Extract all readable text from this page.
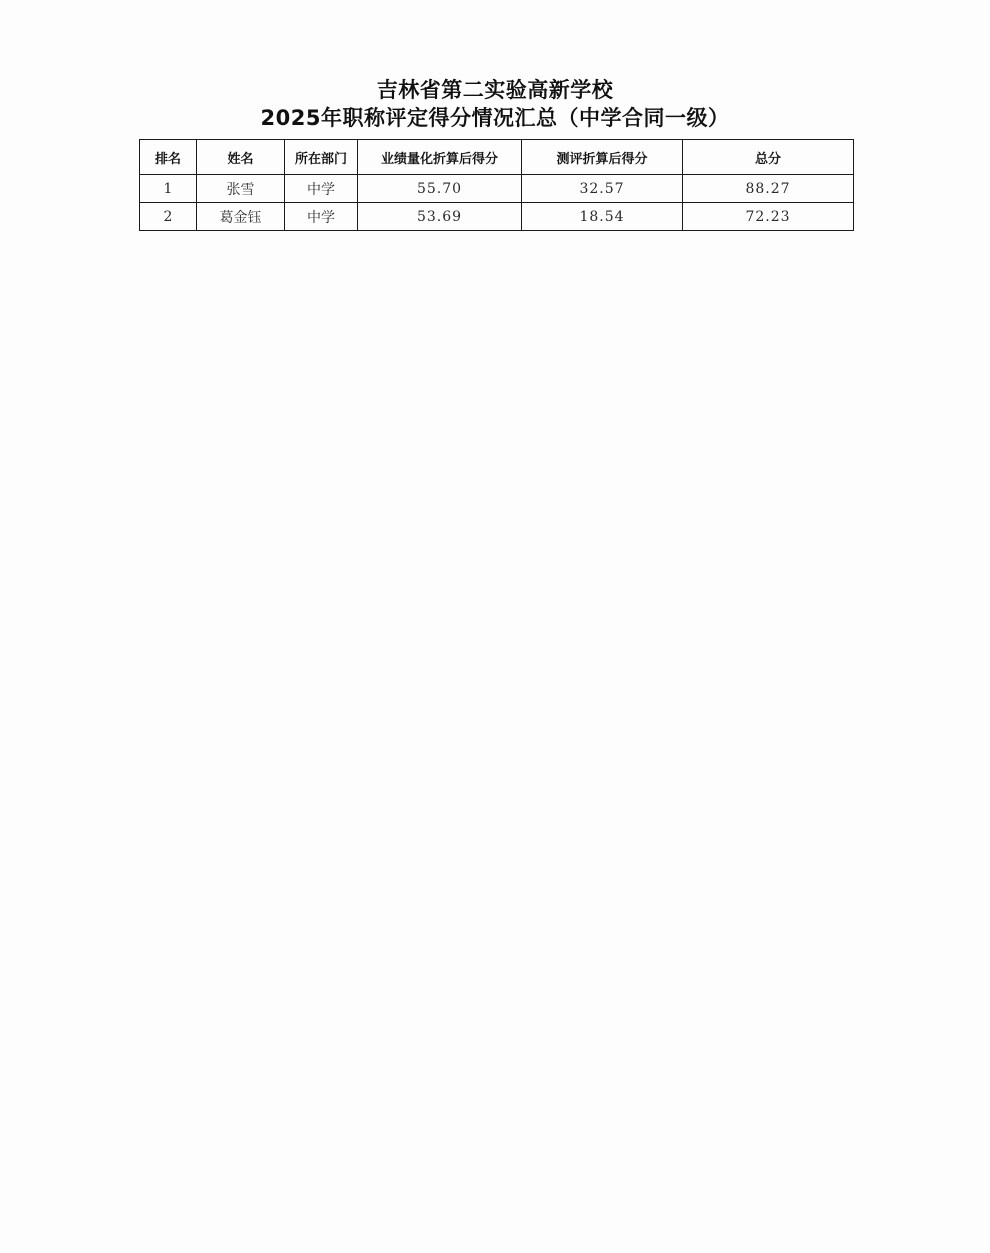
吉林省第二实验高新学校
2025年职称评定得分情况汇总（中学合同一级）
排名	姓名	所在部门	业绩量化折算后得分	测评折算后得分	总分
1	张雪	中学	55.70	32.57	88.27
2	葛金钰	中学	53.69	18.54	72.23
